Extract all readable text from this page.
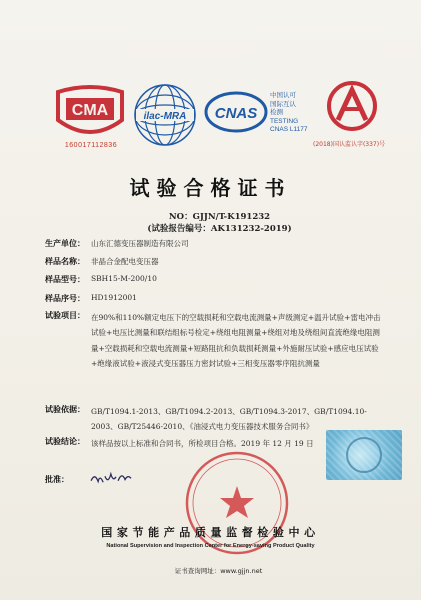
CMA
160017112836
ilac-MRA CNAS
中国认可
国际互认
检测
TESTING
CNAS L1177
(2018)国认监认字(337)号
试验合格证书
NO：GJJN/T-K191232
(试验报告编号：AK131232-2019)
生产单位： 山东汇德变压器制造有限公司
样品名称： 非晶合金配电变压器
样品型号： SBH15-M-200/10
样品序号： HD1912001
试验项目： 在90%和110%额定电压下的空载损耗和空载电流测量+声级测定+温升试验+雷电冲击试验+电压比测量和联结组标号检定+绕组电阻测量+绕组对地及绕组间直流绝缘电阻测量+空载损耗和空载电流测量+短路阻抗和负载损耗测量+外施耐压试验+感应电压试验+绝缘液试验+液浸式变压器压力密封试验+三相变压器零序阻抗测量
试验依据： GB/T1094.1-2013、GB/T1094.2-2013、GB/T1094.3-2017、GB/T1094.10-2003、GB/T25446-2010、《油浸式电力变压器技术服务合同书》
试验结论： 该样品按以上标准和合同书，所检项目合格。2019 年 12 月 19 日
批准：
国家节能产品质量监督检验中心
National Supervision and Inspection Center for Energy-saving Product Quality
证书查询网址：www.gjjn.net
